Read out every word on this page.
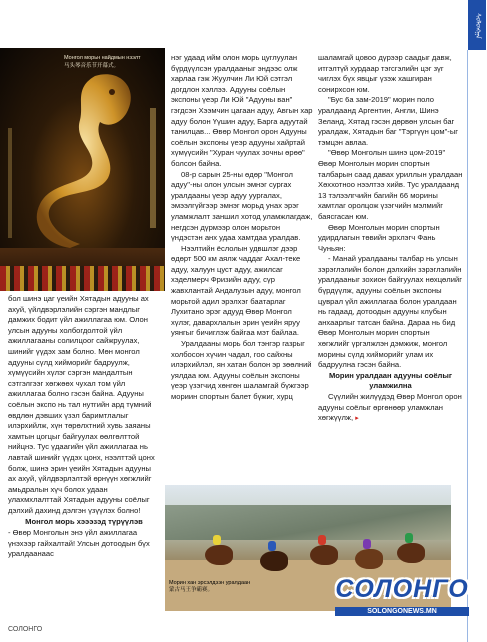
ᠰᠣᠯᠣᠩᠭ᠋ᠠ
Монгол морьн найдмын нээлт
马头琴音乐节开幕式。

бол шинэ цаг үеийн Хятадын адууны ах ахуй, үйлдвэрлэлийн сэргэн мандлыг дамжих бодит үйл ажиллагаа юм. Олон улсын адууны холбогдолтой үйл ажиллагааны солилцоог сайжруулах, шинийг үүдэх зам болно. Мөн монгол адууны сүлд хийморийг бадруулж, хүмүүсийн хүлэг сэргэн мандалтын сэтгэлгээг хөгжөөх чухал том үйл ажиллагаа болно гэсэн байна. Адууны соёлын экспо нь тал нутгийн ард түмний өвдлөн дэвших үзэл баримтлалыг илэрхийлж, хүн төрөлхтний хувь заяаны хамтын цогцыг байгуулах өөлгөлттой нийцнэ. Тус үдаагийн үйл ажиллагаа нь лавтай шинийг үүдэх цонх, нээлттэй цонх болж, шинэ эрин үеийн Хятадын адууны ах ахуй, үйлдвэрлэлтэй өрнүүн хөгжлийг амьдралын хүч болох удаан улахмхлалттай Хятадын адууны соёлыг дэлхий дахинд дэлгэн үзүүлэх болно!

Монгол морь хэээзэд түрүүлэв

- Өвөр Монголын энэ үйл ажиллагаа үнэхээр гайхалтай! Улсын дотоодын бүх уралдаанаас

нэг удаад ийм олон морь цуглуулан бүрдүүлсэн уралдааныг эндээс олж харлаа гэж Жуулчин Ли Юй сэтгэл догдлон хэллээ. Адууны соёлын экспоны үеэр Ли Юй "Адууны ван" гэгдсэн Хээмчин цагаан адуу, Авгын хар адуу болон Үүшин адуу, Барга адуутай танилцав... Өвөр Монгол орон Адууны соёлын экспоны үеэр адууны хайртай хүмүүсийн "Хуран чуулах зочны өрөө" болсон байна.

08-р сарын 25-ны өдөр "Монгол адуу"-ны олон улсын эмнэг сургах уралдааны үеэр адуу уургалах, эмээлгүйгээр эмнэг морьд унах эрэг уламжлалт заншил хотод уламжлагдаж, негдсэн дүрмээр олон морьтон үндэстэн анх удаа хамтдаа уралдав.

Нээлтийн ёслолын удвшлэг дээр өдөрт 500 км аялж чаддаг Ахал-теке адуу, халуун цуст адуу, ажилсаг хэделмерч Фризийн адуу, сүр жавхлантай Андалузын адуу, монгол морьтой адил эрэлхэг баатарлаг Лухитано эрэг адууд Өвөр Монгол хүлэг, давархлалын эрин үеийн яруу уянгыг бичиглэж байгаа мэт байлаа.

Уралдааны морь бол тэнгэр газрыг холбосон хүчин чадал, гоо сайхны илэрхийлэл, ян хатан болон эр зөөлний уялдаа юм. Адууны соёлын экспоны үеэр үзэгчид хөнгөн шаламгай бүжгээр мориин спортын балет бүжиг, хурц

шаламгай цовоо дүрээр саадыг давж, итгэлтүй хурдаар тэгсгэлийн цэг зүг чиглэх бүх явцыг үзэж хашгиран сонирхсон юм.

"Бус 6а зам-2019" морин поло уралдаанд Аргентин, Англи, Шинэ Зеланд, Хятад гэсэн дөрвөн улсын баг уралдаж, Хятадын баг "Тэргүүн цом"-ыг тэмцэн авлаа.

"Өвөр Монголын шинэ цом-2019" Өвөр Монголын морин спортын талбарын саад давах уриллын уралдаан Хөххотноо нээлтээ хийв. Тус уралдаанд 13 тэлээлгчийн багийн 66 морины хамтлаг оролцож үзэгчийн мэлмийг баясгасан юм.

Өвөр Монголын морин спортын удирдлагын төвийн эрхлэгч Фань Чуньян:

- Манай уралдааны талбар нь улсын зэрэглэлийн болон дэлхийн зэрэглэлийн уралдааныг зохион байгуулах нөхцөлийг бүрдүүлж, адууны соёлын экспоны цуврал үйл ажиллагаа болон уралдаан нь гадаад, дотоодын адууны клубын анхаарлыг татсан байна. Дараа нь бид Өвөр Монголын морин спортын хөгжлийг үргэлжлэн дэмжиж, монгол морины сүлд хийморийг улам их бадруулна гэсэн байна.

Морин уралдаан адууны соёлыг уламжилна

Сүүлийн жилүүдэд Өвөр Монгол орон адууны соёлыг өргөнөөр уламжлан хөгжүүлж, ▸

Морин хан эрсэлдээн уралдаан
蒙古马王争霸赛。	СОЛОНГО
SOLONGONEWS.MN
СОЛОНГО
